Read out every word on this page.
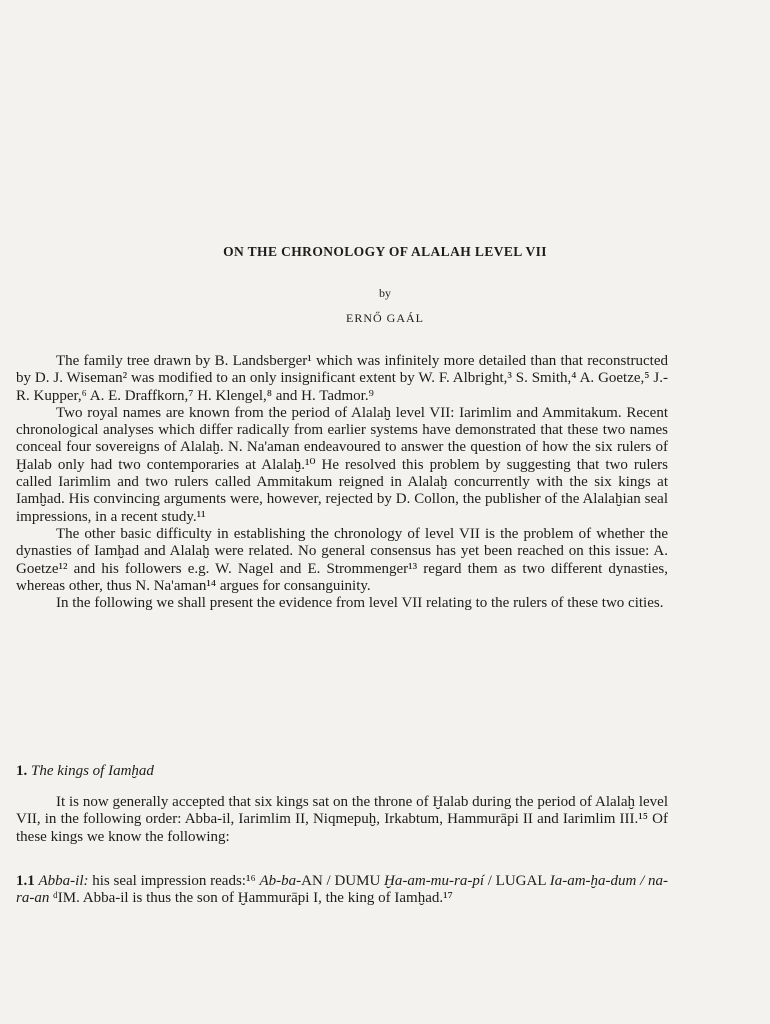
ON THE CHRONOLOGY OF ALALAH LEVEL VII
by
ERNŐ GAÁL

The family tree drawn by B. Landsberger¹ which was infinitely more detailed than that reconstructed by D. J. Wiseman² was modified to an only insignificant extent by W. F. Albright,³ S. Smith,⁴ A. Goetze,⁵ J.-R. Kupper,⁶ A. E. Draffkorn,⁷ H. Klengel,⁸ and H. Tadmor.⁹

Two royal names are known from the period of Alalaḫ level VII: Iarimlim and Ammitakum. Recent chronological analyses which differ radically from earlier systems have demonstrated that these two names conceal four sovereigns of Alalaḫ. N. Na'aman endeavoured to answer the question of how the six rulers of Ḫalab only had two contemporaries at Alalaḫ.¹⁰ He resolved this problem by suggesting that two rulers called Iarimlim and two rulers called Ammitakum reigned in Alalaḫ concurrently with the six kings at Iamḫad. His convincing arguments were, however, rejected by D. Collon, the publisher of the Alalaḫian seal impressions, in a recent study.¹¹

The other basic difficulty in establishing the chronology of level VII is the problem of whether the dynasties of Iamḫad and Alalaḫ were related. No general consensus has yet been reached on this issue: A. Goetze¹² and his followers e.g. W. Nagel and E. Strommenger¹³ regard them as two different dynasties, whereas other, thus N. Na'aman¹⁴ argues for consanguinity.

In the following we shall present the evidence from level VII relating to the rulers of these two cities.

1. The kings of Iamḫad

It is now generally accepted that six kings sat on the throne of Ḫalab during the period of Alalaḫ level VII, in the following order: Abba-il, Iarimlim II, Niqmepuḫ, Irkabtum, Hammurāpi II and Iarimlim III.¹⁵ Of these kings we know the following:

1.1 Abba-il: his seal impression reads:¹⁶ Ab-ba-AN / DUMU Ḫa-am-mu-ra-pí / LUGAL Ia-am-ḫa-dum / na-ra-an ᵈIM. Abba-il is thus the son of Ḫammurāpi I, the king of Iamḫad.¹⁷
